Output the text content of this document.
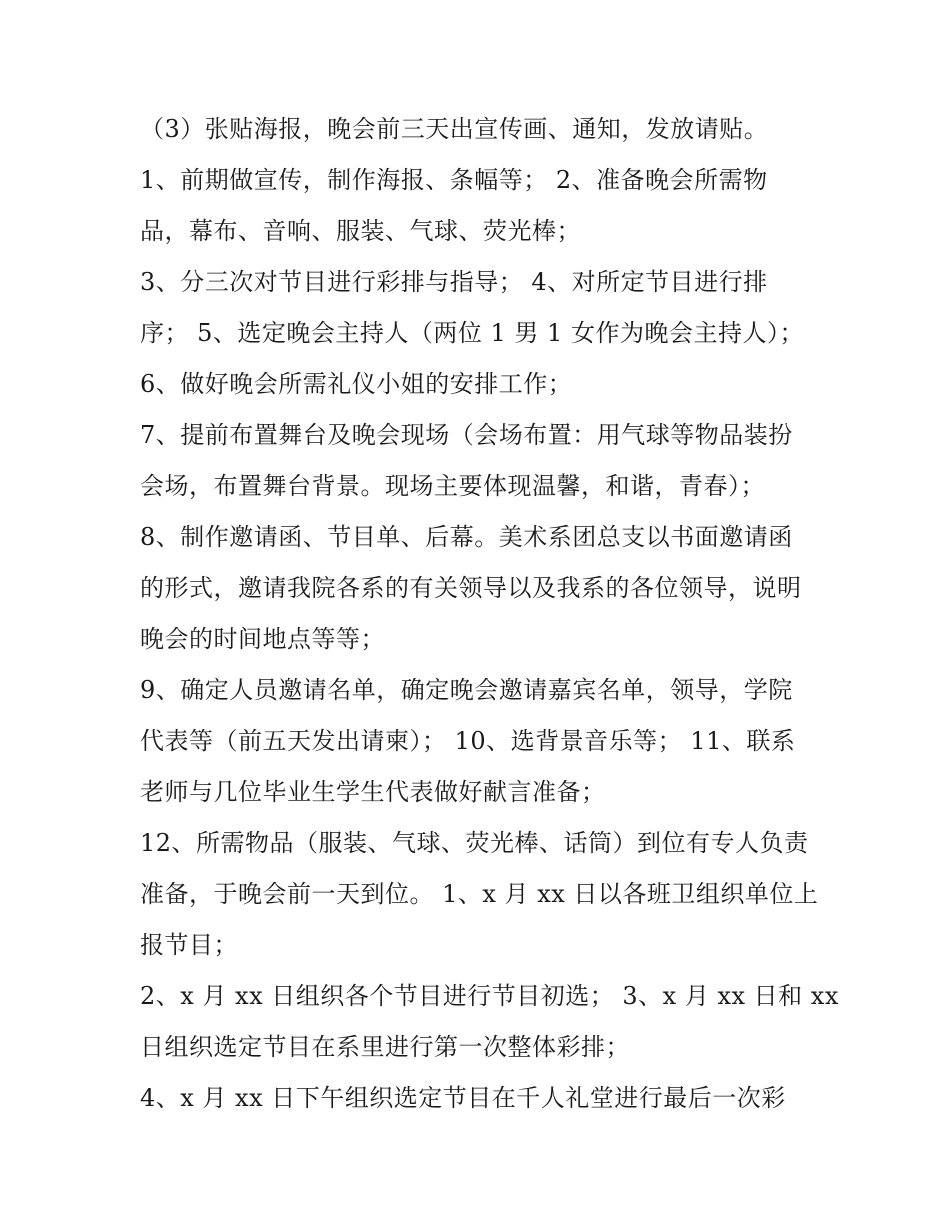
（3）张贴海报，晚会前三天出宣传画、通知，发放请贴。
1、前期做宣传，制作海报、条幅等； 2、准备晚会所需物
品，幕布、音响、服装、气球、荧光棒；
3、分三次对节目进行彩排与指导； 4、对所定节目进行排
序； 5、选定晚会主持人（两位 1 男 1 女作为晚会主持人）；
6、做好晚会所需礼仪小姐的安排工作；
7、提前布置舞台及晚会现场（会场布置：用气球等物品装扮
会场，布置舞台背景。现场主要体现温馨，和谐，青春）；
8、制作邀请函、节目单、后幕。美术系团总支以书面邀请函
的形式，邀请我院各系的有关领导以及我系的各位领导，说明
晚会的时间地点等等；
9、确定人员邀请名单，确定晚会邀请嘉宾名单，领导，学院
代表等（前五天发出请柬）； 10、选背景音乐等； 11、联系
老师与几位毕业生学生代表做好献言准备；
12、所需物品（服装、气球、荧光棒、话筒）到位有专人负责
准备，于晚会前一天到位。 1、x 月 xx 日以各班卫组织单位上
报节目；
2、x 月 xx 日组织各个节目进行节目初选； 3、x 月 xx 日和 xx
日组织选定节目在系里进行第一次整体彩排；
4、x 月 xx 日下午组织选定节目在千人礼堂进行最后一次彩
